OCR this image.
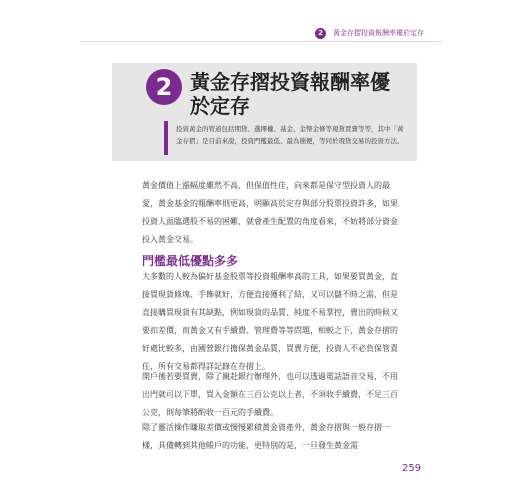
2	黃金存摺投資報酬率優於定存
2 黃金存摺投資報酬率優
於定存
投資黃金的管道包括期貨、選擇權、基金、金幣金條等現貨買賣等等，其中「黃金存摺」是目前來說，投資門檻最低、最為簡便，等同於現貨交易的投資方法。

黃金價值上漲幅度雖然不高，但保值性佳，向來都是保守型投資人的最愛，黃金基金的報酬率則更高，明顯高於定存與部分股票投資許多，如果投資人面臨選股不易的困難，就會產生配置的角度看來，不妨將部分資金投入黃金交易。

門檻最低優點多多

大多數的人較為偏好基金股票等投資報酬率高的工具，如果要買黃金，直接買現貨條塊、手飾就好，方便直接獲利了結，又可以儲不時之需，但是直接購買現貨有其缺點，例如現貨的品質、純度不易掌控，賣出的時候又要扣差價，而黃金又有手續費、管理費等等問題，相較之下，黃金存摺的好處比較多，由國營銀行擔保黃金品質，買賣方便，投資人不必負保管責任，所有交易都得詳記錄在存摺上。

開戶後若要買賣，除了親赴銀行辦理外，也可以透過電話語音交易，不用出門就可以下單，買入金額在三百公克以上者，不須收手續費，不足三百公克，則每筆將酌收一百元的手續費。

除了靈活操作賺取差價或慢慢累積黃金資產外，黃金存摺與一般存摺一樣，具備轉到其他帳戶的功能，更特別的是，一旦發生黃金需

259
